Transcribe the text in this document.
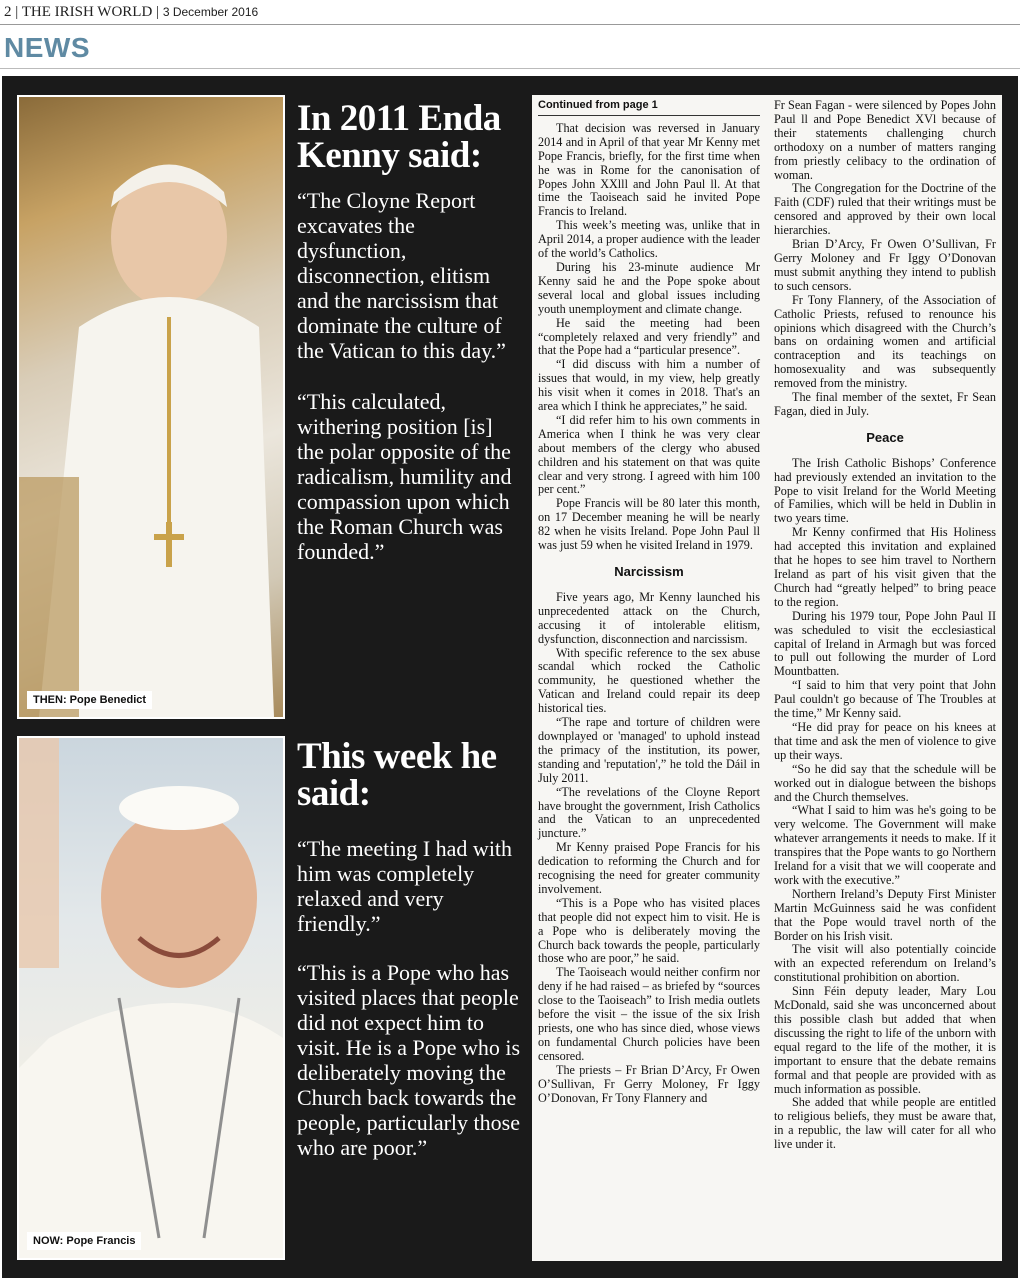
2 | THE IRISH WORLD | 3 December 2016
NEWS
THEN: Pope Benedict
NOW: Pope Francis
In 2011 Enda Kenny said:

“The Cloyne Report excavates the dysfunction, disconnection, elitism and the narcissism that dominate the culture of the Vatican to this day.”

“This calculated, withering position [is] the polar opposite of the radicalism, humility and compassion upon which the Roman Church was founded.”

This week he said:

“The meeting I had with him was completely relaxed and very friendly.”

“This is a Pope who has visited places that people did not expect him to visit. He is a Pope who is deliberately moving the Church back towards the people, particularly those who are poor.”

Continued from page 1

That decision was reversed in January 2014 and in April of that year Mr Kenny met Pope Francis, briefly, for the first time when he was in Rome for the canonisation of Popes John XXlll and John Paul ll. At that time the Taoiseach said he invited Pope Francis to Ireland.

This week’s meeting was, unlike that in April 2014, a proper audience with the leader of the world’s Catholics.

During his 23-minute audience Mr Kenny said he and the Pope spoke about several local and global issues including youth unemployment and climate change.

He said the meeting had been “completely relaxed and very friendly” and that the Pope had a “particular presence”.

“I did discuss with him a number of issues that would, in my view, help greatly his visit when it comes in 2018. That's an area which I think he appreciates,” he said.

“I did refer him to his own comments in America when I think he was very clear about members of the clergy who abused children and his statement on that was quite clear and very strong. I agreed with him 100 per cent.”

Pope Francis will be 80 later this month, on 17 December meaning he will be nearly 82 when he visits Ireland. Pope John Paul ll was just 59 when he visited Ireland in 1979.

Narcissism

Five years ago, Mr Kenny launched his unprecedented attack on the Church, accusing it of intolerable elitism, dysfunction, disconnection and narcissism.

With specific reference to the sex abuse scandal which rocked the Catholic community, he questioned whether the Vatican and Ireland could repair its deep historical ties.

“The rape and torture of children were downplayed or 'managed' to uphold instead the primacy of the institution, its power, standing and 'reputation',” he told the Dáil in July 2011.

“The revelations of the Cloyne Report have brought the government, Irish Catholics and the Vatican to an unprecedented juncture.”

Mr Kenny praised Pope Francis for his dedication to reforming the Church and for recognising the need for greater community involvement.

“This is a Pope who has visited places that people did not expect him to visit. He is a Pope who is deliberately moving the Church back towards the people, particularly those who are poor,” he said.

The Taoiseach would neither confirm nor deny if he had raised – as briefed by “sources close to the Taoiseach” to Irish media outlets before the visit – the issue of the six Irish priests, one who has since died, whose views on fundamental Church policies have been censored.

The priests – Fr Brian D’Arcy, Fr Owen O’Sullivan, Fr Gerry Moloney, Fr Iggy O’Donovan, Fr Tony Flannery and

Fr Sean Fagan - were silenced by Popes John Paul ll and Pope Benedict XVl because of their statements challenging church orthodoxy on a number of matters ranging from priestly celibacy to the ordination of woman.

The Congregation for the Doctrine of the Faith (CDF) ruled that their writings must be censored and approved by their own local hierarchies.

Brian D’Arcy, Fr Owen O’Sullivan, Fr Gerry Moloney and Fr Iggy O’Donovan must submit anything they intend to publish to such censors.

Fr Tony Flannery, of the Association of Catholic Priests, refused to renounce his opinions which disagreed with the Church’s bans on ordaining women and artificial contraception and its teachings on homosexuality and was subsequently removed from the ministry.

The final member of the sextet, Fr Sean Fagan, died in July.

Peace

The Irish Catholic Bishops’ Conference had previously extended an invitation to the Pope to visit Ireland for the World Meeting of Families, which will be held in Dublin in two years time.

Mr Kenny confirmed that His Holiness had accepted this invitation and explained that he hopes to see him travel to Northern Ireland as part of his visit given that the Church had “greatly helped” to bring peace to the region.

During his 1979 tour, Pope John Paul II was scheduled to visit the ecclesiastical capital of Ireland in Armagh but was forced to pull out following the murder of Lord Mountbatten.

“I said to him that very point that John Paul couldn't go because of The Troubles at the time,” Mr Kenny said.

“He did pray for peace on his knees at that time and ask the men of violence to give up their ways.

“So he did say that the schedule will be worked out in dialogue between the bishops and the Church themselves.

“What I said to him was he's going to be very welcome. The Government will make whatever arrangements it needs to make. If it transpires that the Pope wants to go Northern Ireland for a visit that we will cooperate and work with the executive.”

Northern Ireland’s Deputy First Minister Martin McGuinness said he was confident that the Pope would travel north of the Border on his Irish visit.

The visit will also potentially coincide with an expected referendum on Ireland’s constitutional prohibition on abortion.

Sinn Féin deputy leader, Mary Lou McDonald, said she was unconcerned about this possible clash but added that when discussing the right to life of the unborn with equal regard to the life of the mother, it is important to ensure that the debate remains formal and that people are provided with as much information as possible.

She added that while people are entitled to religious beliefs, they must be aware that, in a republic, the law will cater for all who live under it.
